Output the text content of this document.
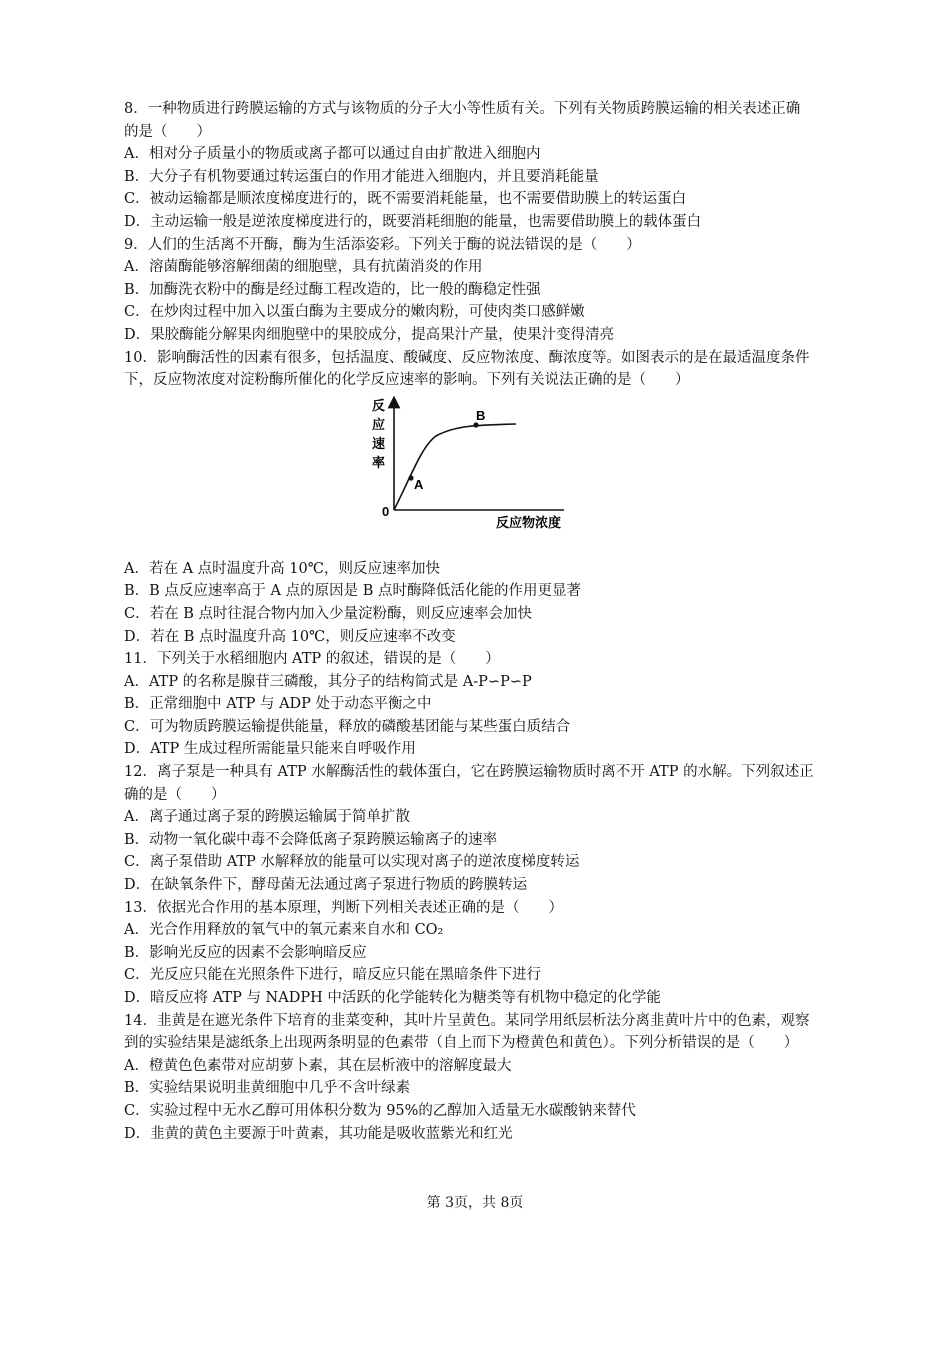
8．一种物质进行跨膜运输的方式与该物质的分子大小等性质有关。下列有关物质跨膜运输的相关表述正确的是（　　）
A．相对分子质量小的物质或离子都可以通过自由扩散进入细胞内
B．大分子有机物要通过转运蛋白的作用才能进入细胞内，并且要消耗能量
C．被动运输都是顺浓度梯度进行的，既不需要消耗能量，也不需要借助膜上的转运蛋白
D．主动运输一般是逆浓度梯度进行的，既要消耗细胞的能量，也需要借助膜上的载体蛋白
9．人们的生活离不开酶，酶为生活添姿彩。下列关于酶的说法错误的是（　　）
A．溶菌酶能够溶解细菌的细胞壁，具有抗菌消炎的作用
B．加酶洗衣粉中的酶是经过酶工程改造的，比一般的酶稳定性强
C．在炒肉过程中加入以蛋白酶为主要成分的嫩肉粉，可使肉类口感鲜嫩
D．果胶酶能分解果肉细胞壁中的果胶成分，提高果汁产量，使果汁变得清亮
10．影响酶活性的因素有很多，包括温度、酸碱度、反应物浓度、酶浓度等。如图表示的是在最适温度条件下，反应物浓度对淀粉酶所催化的化学反应速率的影响。下列有关说法正确的是（　　）
A
B
0
反应物浓度
反
应
速
率
A．若在 A 点时温度升高 10℃，则反应速率加快
B．B 点反应速率高于 A 点的原因是 B 点时酶降低活化能的作用更显著
C．若在 B 点时往混合物内加入少量淀粉酶，则反应速率会加快
D．若在 B 点时温度升高 10℃，则反应速率不改变
11．下列关于水稻细胞内 ATP 的叙述，错误的是（　　）
A．ATP 的名称是腺苷三磷酸，其分子的结构简式是 A-P∽P∽P
B．正常细胞中 ATP 与 ADP 处于动态平衡之中
C．可为物质跨膜运输提供能量，释放的磷酸基团能与某些蛋白质结合
D．ATP 生成过程所需能量只能来自呼吸作用
12．离子泵是一种具有 ATP 水解酶活性的载体蛋白，它在跨膜运输物质时离不开 ATP 的水解。下列叙述正确的是（　　）
A．离子通过离子泵的跨膜运输属于简单扩散
B．动物一氧化碳中毒不会降低离子泵跨膜运输离子的速率
C．离子泵借助 ATP 水解释放的能量可以实现对离子的逆浓度梯度转运
D．在缺氧条件下，酵母菌无法通过离子泵进行物质的跨膜转运
13．依据光合作用的基本原理，判断下列相关表述正确的是（　　）
A．光合作用释放的氧气中的氧元素来自水和 CO₂
B．影响光反应的因素不会影响暗反应
C．光反应只能在光照条件下进行，暗反应只能在黑暗条件下进行
D．暗反应将 ATP 与 NADPH 中活跃的化学能转化为糖类等有机物中稳定的化学能
14．韭黄是在遮光条件下培育的韭菜变种，其叶片呈黄色。某同学用纸层析法分离韭黄叶片中的色素，观察到的实验结果是滤纸条上出现两条明显的色素带（自上而下为橙黄色和黄色）。下列分析错误的是（　　）
A．橙黄色色素带对应胡萝卜素，其在层析液中的溶解度最大
B．实验结果说明韭黄细胞中几乎不含叶绿素
C．实验过程中无水乙醇可用体积分数为 95%的乙醇加入适量无水碳酸钠来替代
D．韭黄的黄色主要源于叶黄素，其功能是吸收蓝紫光和红光
第 3页，共 8页
